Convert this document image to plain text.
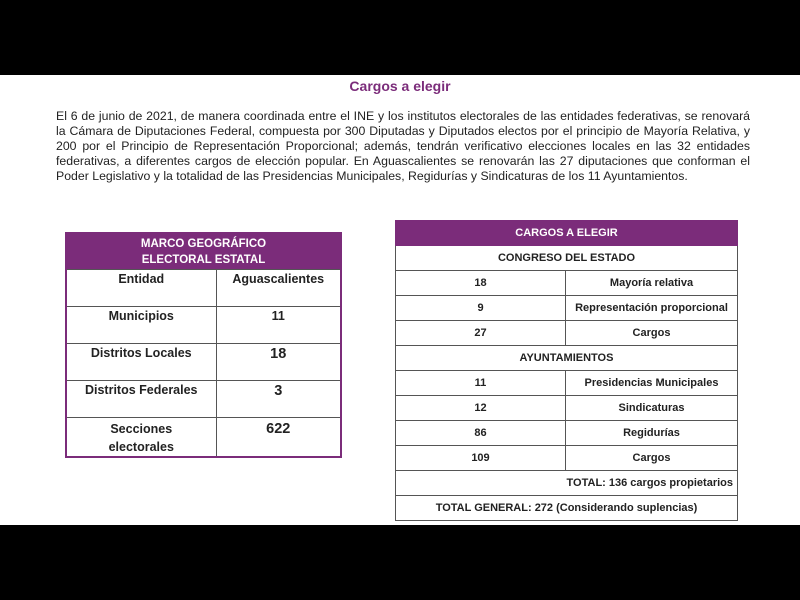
Cargos a elegir

El 6 de junio de 2021, de manera coordinada entre el INE y los institutos electorales de las entidades federativas, se renovará la Cámara de Diputaciones Federal, compuesta por 300 Diputadas y Diputados electos por el principio de Mayoría Relativa, y 200 por el Principio de Representación Proporcional; además, tendrán verificativo elecciones locales en las 32 entidades federativas, a diferentes cargos de elección popular. En Aguascalientes se renovarán las 27 diputaciones que conforman el Poder Legislativo y la totalidad de las Presidencias Municipales, Regidurías y Sindicaturas de los 11 Ayuntamientos.

MARCO GEOGRÁFICO
ELECTORAL ESTATAL	
Entidad	Aguascalientes
Municipios	11
Distritos Locales	18
Distritos Federales	3
Secciones
electorales	622
CARGOS A ELEGIR	
CONGRESO DEL ESTADO	
18	Mayoría relativa
9	Representación proporcional
27	Cargos
AYUNTAMIENTOS	
11	Presidencias Municipales
12	Sindicaturas
86	Regidurías
109	Cargos
TOTAL: 136 cargos propietarios	
TOTAL GENERAL: 272 (Considerando suplencias)	
